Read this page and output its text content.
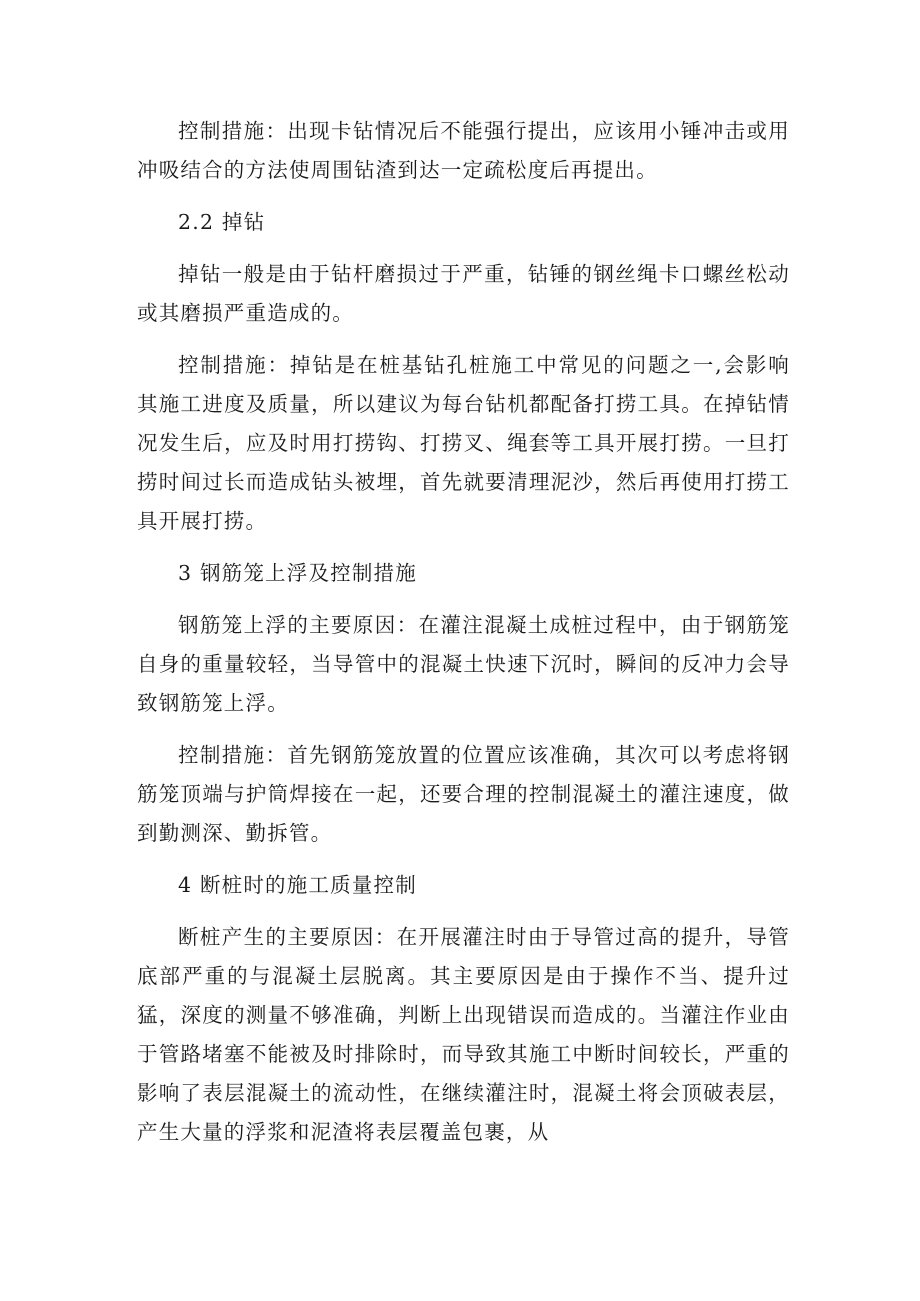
控制措施：出现卡钻情况后不能强行提出，应该用小锤冲击或用冲吸结合的方法使周围钻渣到达一定疏松度后再提出。

2.2 掉钻

掉钻一般是由于钻杆磨损过于严重，钻锤的钢丝绳卡口螺丝松动或其磨损严重造成的。

控制措施：掉钻是在桩基钻孔桩施工中常见的问题之一,会影响其施工进度及质量，所以建议为每台钻机都配备打捞工具。在掉钻情况发生后，应及时用打捞钩、打捞叉、绳套等工具开展打捞。一旦打捞时间过长而造成钻头被埋，首先就要清理泥沙，然后再使用打捞工具开展打捞。

3 钢筋笼上浮及控制措施

钢筋笼上浮的主要原因：在灌注混凝土成桩过程中，由于钢筋笼自身的重量较轻，当导管中的混凝土快速下沉时，瞬间的反冲力会导致钢筋笼上浮。

控制措施：首先钢筋笼放置的位置应该准确，其次可以考虑将钢筋笼顶端与护筒焊接在一起，还要合理的控制混凝土的灌注速度，做到勤测深、勤拆管。

4 断桩时的施工质量控制

断桩产生的主要原因：在开展灌注时由于导管过高的提升，导管底部严重的与混凝土层脱离。其主要原因是由于操作不当、提升过猛，深度的测量不够准确，判断上出现错误而造成的。当灌注作业由于管路堵塞不能被及时排除时，而导致其施工中断时间较长，严重的影响了表层混凝土的流动性，在继续灌注时，混凝土将会顶破表层，产生大量的浮浆和泥渣将表层覆盖包裹，从
